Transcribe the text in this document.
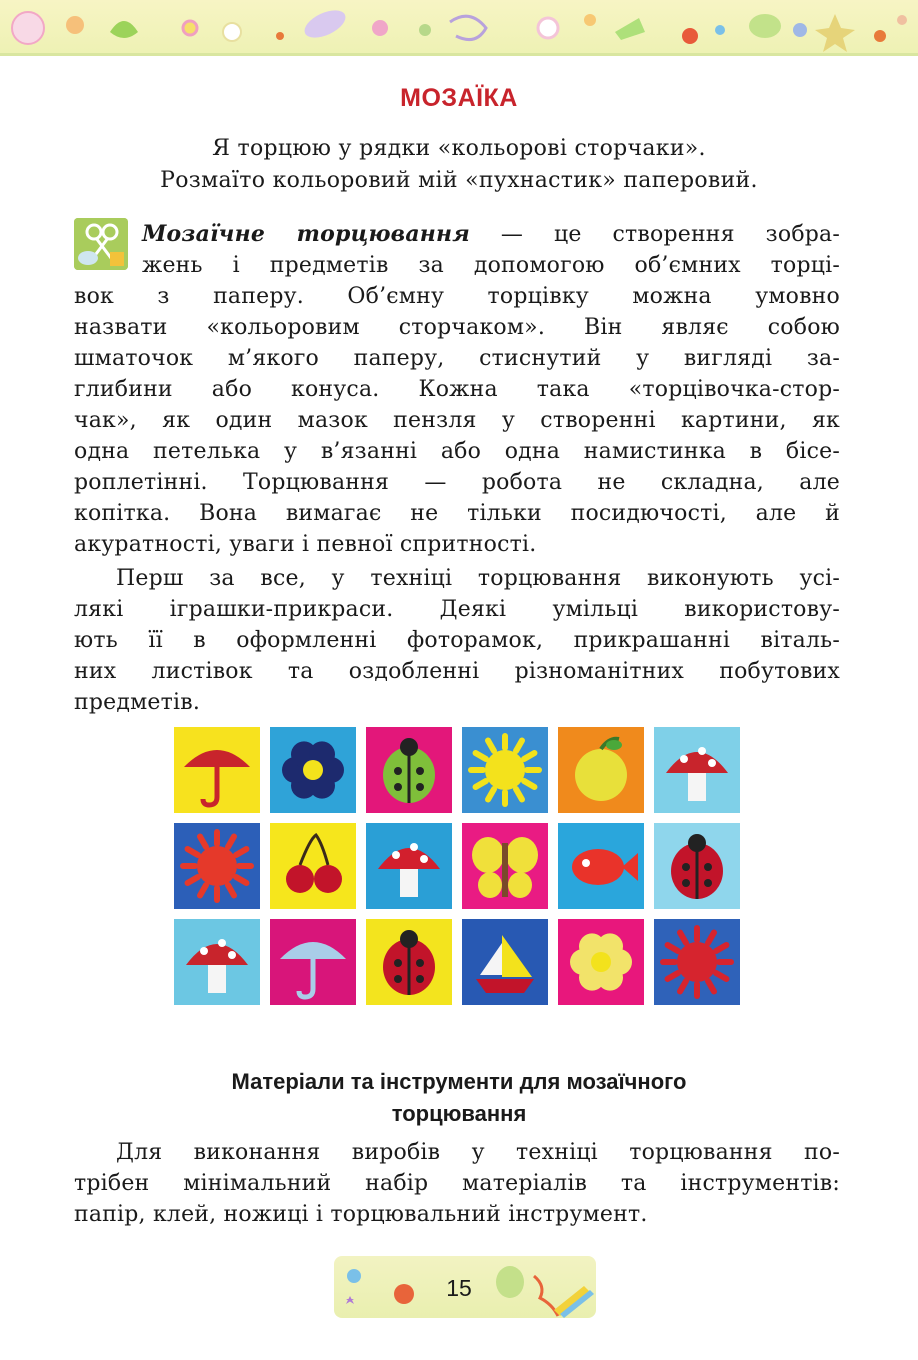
МОЗАЇКА
Я торцюю у рядки «кольорові сторчаки».
Розмаїто кольоровий мій «пухнастик» паперовий.
Мозаїчне торцювання — це створення зобра-
жень і предметів за допомогою об’ємних торці-
вок з паперу. Об’ємну торцівку можна умовно
назвати «кольоровим сторчаком». Він являє собою
шматочок м’якого паперу, стиснутий у вигляді за-
глибини або конуса. Кожна така «торцівочка-стор-
чак», як один мазок пензля у створенні картини, як
одна петелька у в’язанні або одна намистинка в бісе-
роплетінні. Торцювання — робота не складна, але
копітка. Вона вимагає не тільки посидючості, але й
акуратності, уваги і певної спритності.
Перш за все, у техніці торцювання виконують усі-
лякі іграшки-прикраси. Деякі умільці використову-
ють її в оформленні фоторамок, прикрашанні віталь-
них листівок та оздобленні різноманітних побутових
предметів.
Матеріали та інструменти для мозаїчного
торцювання
Для виконання виробів у техніці торцювання по-
трібен мінімальний набір матеріалів та інструментів:
папір, клей, ножиці і торцювальний інструмент.
15
